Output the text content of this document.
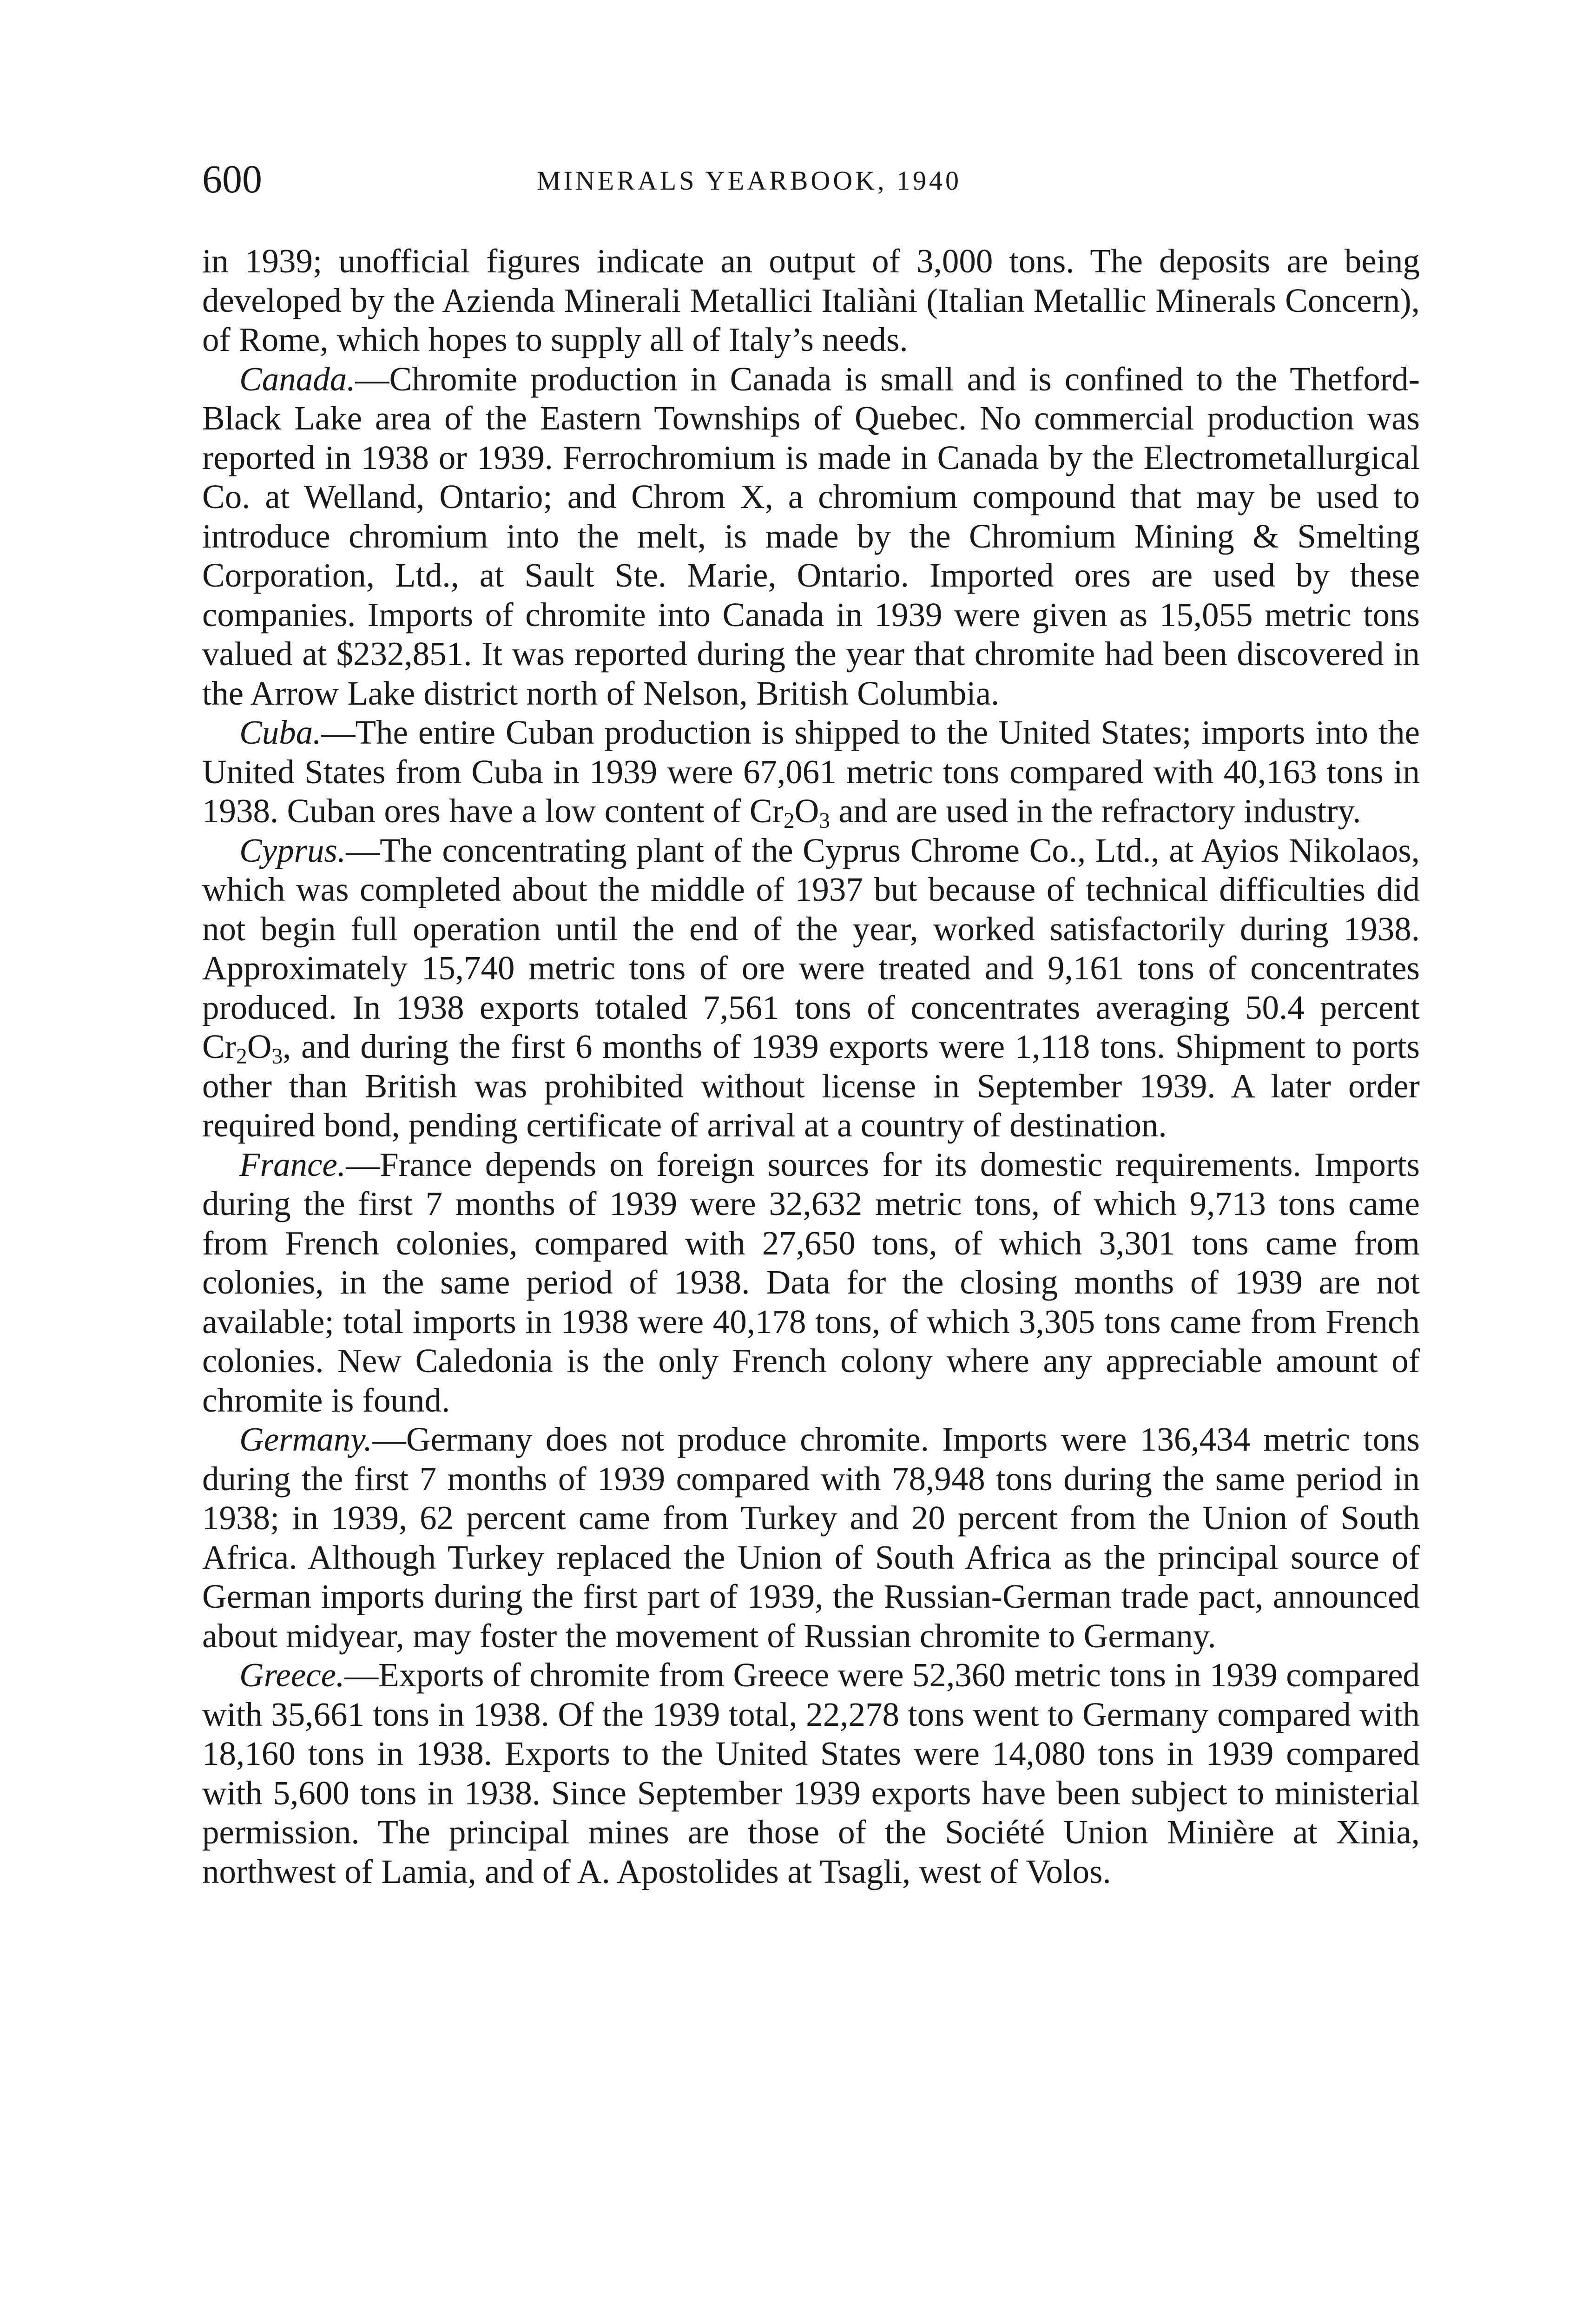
600	MINERALS YEARBOOK, 1940

in 1939; unofficial figures indicate an output of 3,000 tons. The deposits are being developed by the Azienda Minerali Metallici Italiàni (Italian Metallic Minerals Concern), of Rome, which hopes to supply all of Italy’s needs.

Canada.—Chromite production in Canada is small and is confined to the Thetford-Black Lake area of the Eastern Townships of Quebec. No commercial production was reported in 1938 or 1939. Ferrochromium is made in Canada by the Electrometallurgical Co. at Welland, Ontario; and Chrom X, a chromium compound that may be used to introduce chromium into the melt, is made by the Chromium Mining & Smelting Corporation, Ltd., at Sault Ste. Marie, Ontario. Imported ores are used by these companies. Imports of chromite into Canada in 1939 were given as 15,055 metric tons valued at $232,851. It was reported during the year that chromite had been discovered in the Arrow Lake district north of Nelson, British Columbia.

Cuba.—The entire Cuban production is shipped to the United States; imports into the United States from Cuba in 1939 were 67,061 metric tons compared with 40,163 tons in 1938. Cuban ores have a low content of $Cr_2O_3$ and are used in the refractory industry.

Cyprus.—The concentrating plant of the Cyprus Chrome Co., Ltd., at Ayios Nikolaos, which was completed about the middle of 1937 but because of technical difficulties did not begin full operation until the end of the year, worked satisfactorily during 1938. Approximately 15,740 metric tons of ore were treated and 9,161 tons of concentrates produced. In 1938 exports totaled 7,561 tons of concentrates averaging 50.4 percent $Cr_2O_3$, and during the first 6 months of 1939 exports were 1,118 tons. Shipment to ports other than British was prohibited without license in September 1939. A later order required bond, pending certificate of arrival at a country of destination.

France.—France depends on foreign sources for its domestic requirements. Imports during the first 7 months of 1939 were 32,632 metric tons, of which 9,713 tons came from French colonies, compared with 27,650 tons, of which 3,301 tons came from colonies, in the same period of 1938. Data for the closing months of 1939 are not available; total imports in 1938 were 40,178 tons, of which 3,305 tons came from French colonies. New Caledonia is the only French colony where any appreciable amount of chromite is found.

Germany.—Germany does not produce chromite. Imports were 136,434 metric tons during the first 7 months of 1939 compared with 78,948 tons during the same period in 1938; in 1939, 62 percent came from Turkey and 20 percent from the Union of South Africa. Although Turkey replaced the Union of South Africa as the principal source of German imports during the first part of 1939, the Russian-German trade pact, announced about midyear, may foster the movement of Russian chromite to Germany.

Greece.—Exports of chromite from Greece were 52,360 metric tons in 1939 compared with 35,661 tons in 1938. Of the 1939 total, 22,278 tons went to Germany compared with 18,160 tons in 1938. Exports to the United States were 14,080 tons in 1939 compared with 5,600 tons in 1938. Since September 1939 exports have been subject to ministerial permission. The principal mines are those of the Société Union Minière at Xinia, northwest of Lamia, and of A. Apostolides at Tsagli, west of Volos.
